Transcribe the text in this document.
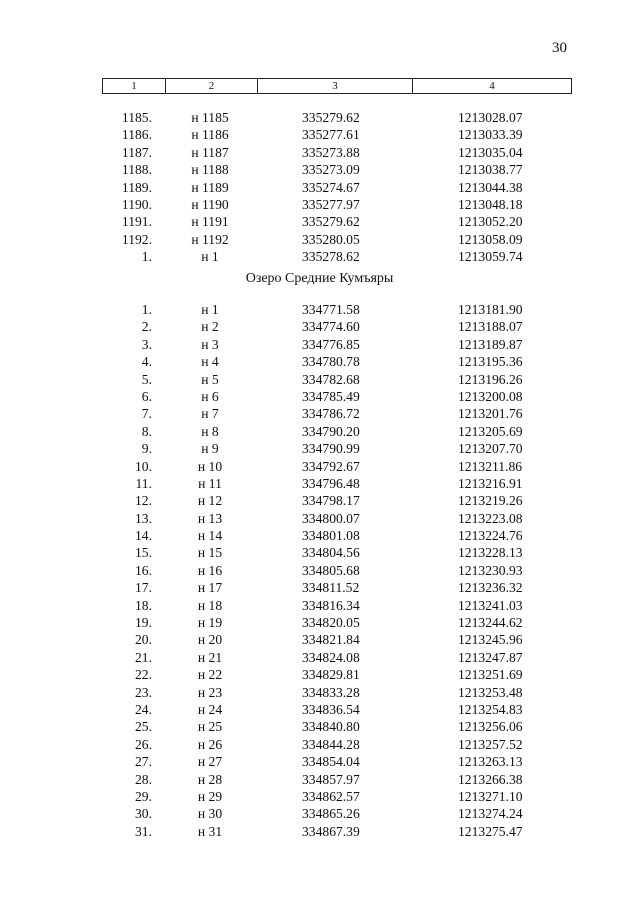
30
1	2	3	4
1185.	н 1185	335279.62	1213028.07
1186.	н 1186	335277.61	1213033.39
1187.	н 1187	335273.88	1213035.04
1188.	н 1188	335273.09	1213038.77
1189.	н 1189	335274.67	1213044.38
1190.	н 1190	335277.97	1213048.18
1191.	н 1191	335279.62	1213052.20
1192.	н 1192	335280.05	1213058.09
1.	н 1	335278.62	1213059.74
Озеро Средние Кумъяры
1.	н 1	334771.58	1213181.90
2.	н 2	334774.60	1213188.07
3.	н 3	334776.85	1213189.87
4.	н 4	334780.78	1213195.36
5.	н 5	334782.68	1213196.26
6.	н 6	334785.49	1213200.08
7.	н 7	334786.72	1213201.76
8.	н 8	334790.20	1213205.69
9.	н 9	334790.99	1213207.70
10.	н 10	334792.67	1213211.86
11.	н 11	334796.48	1213216.91
12.	н 12	334798.17	1213219.26
13.	н 13	334800.07	1213223.08
14.	н 14	334801.08	1213224.76
15.	н 15	334804.56	1213228.13
16.	н 16	334805.68	1213230.93
17.	н 17	334811.52	1213236.32
18.	н 18	334816.34	1213241.03
19.	н 19	334820.05	1213244.62
20.	н 20	334821.84	1213245.96
21.	н 21	334824.08	1213247.87
22.	н 22	334829.81	1213251.69
23.	н 23	334833.28	1213253.48
24.	н 24	334836.54	1213254.83
25.	н 25	334840.80	1213256.06
26.	н 26	334844.28	1213257.52
27.	н 27	334854.04	1213263.13
28.	н 28	334857.97	1213266.38
29.	н 29	334862.57	1213271.10
30.	н 30	334865.26	1213274.24
31.	н 31	334867.39	1213275.47
